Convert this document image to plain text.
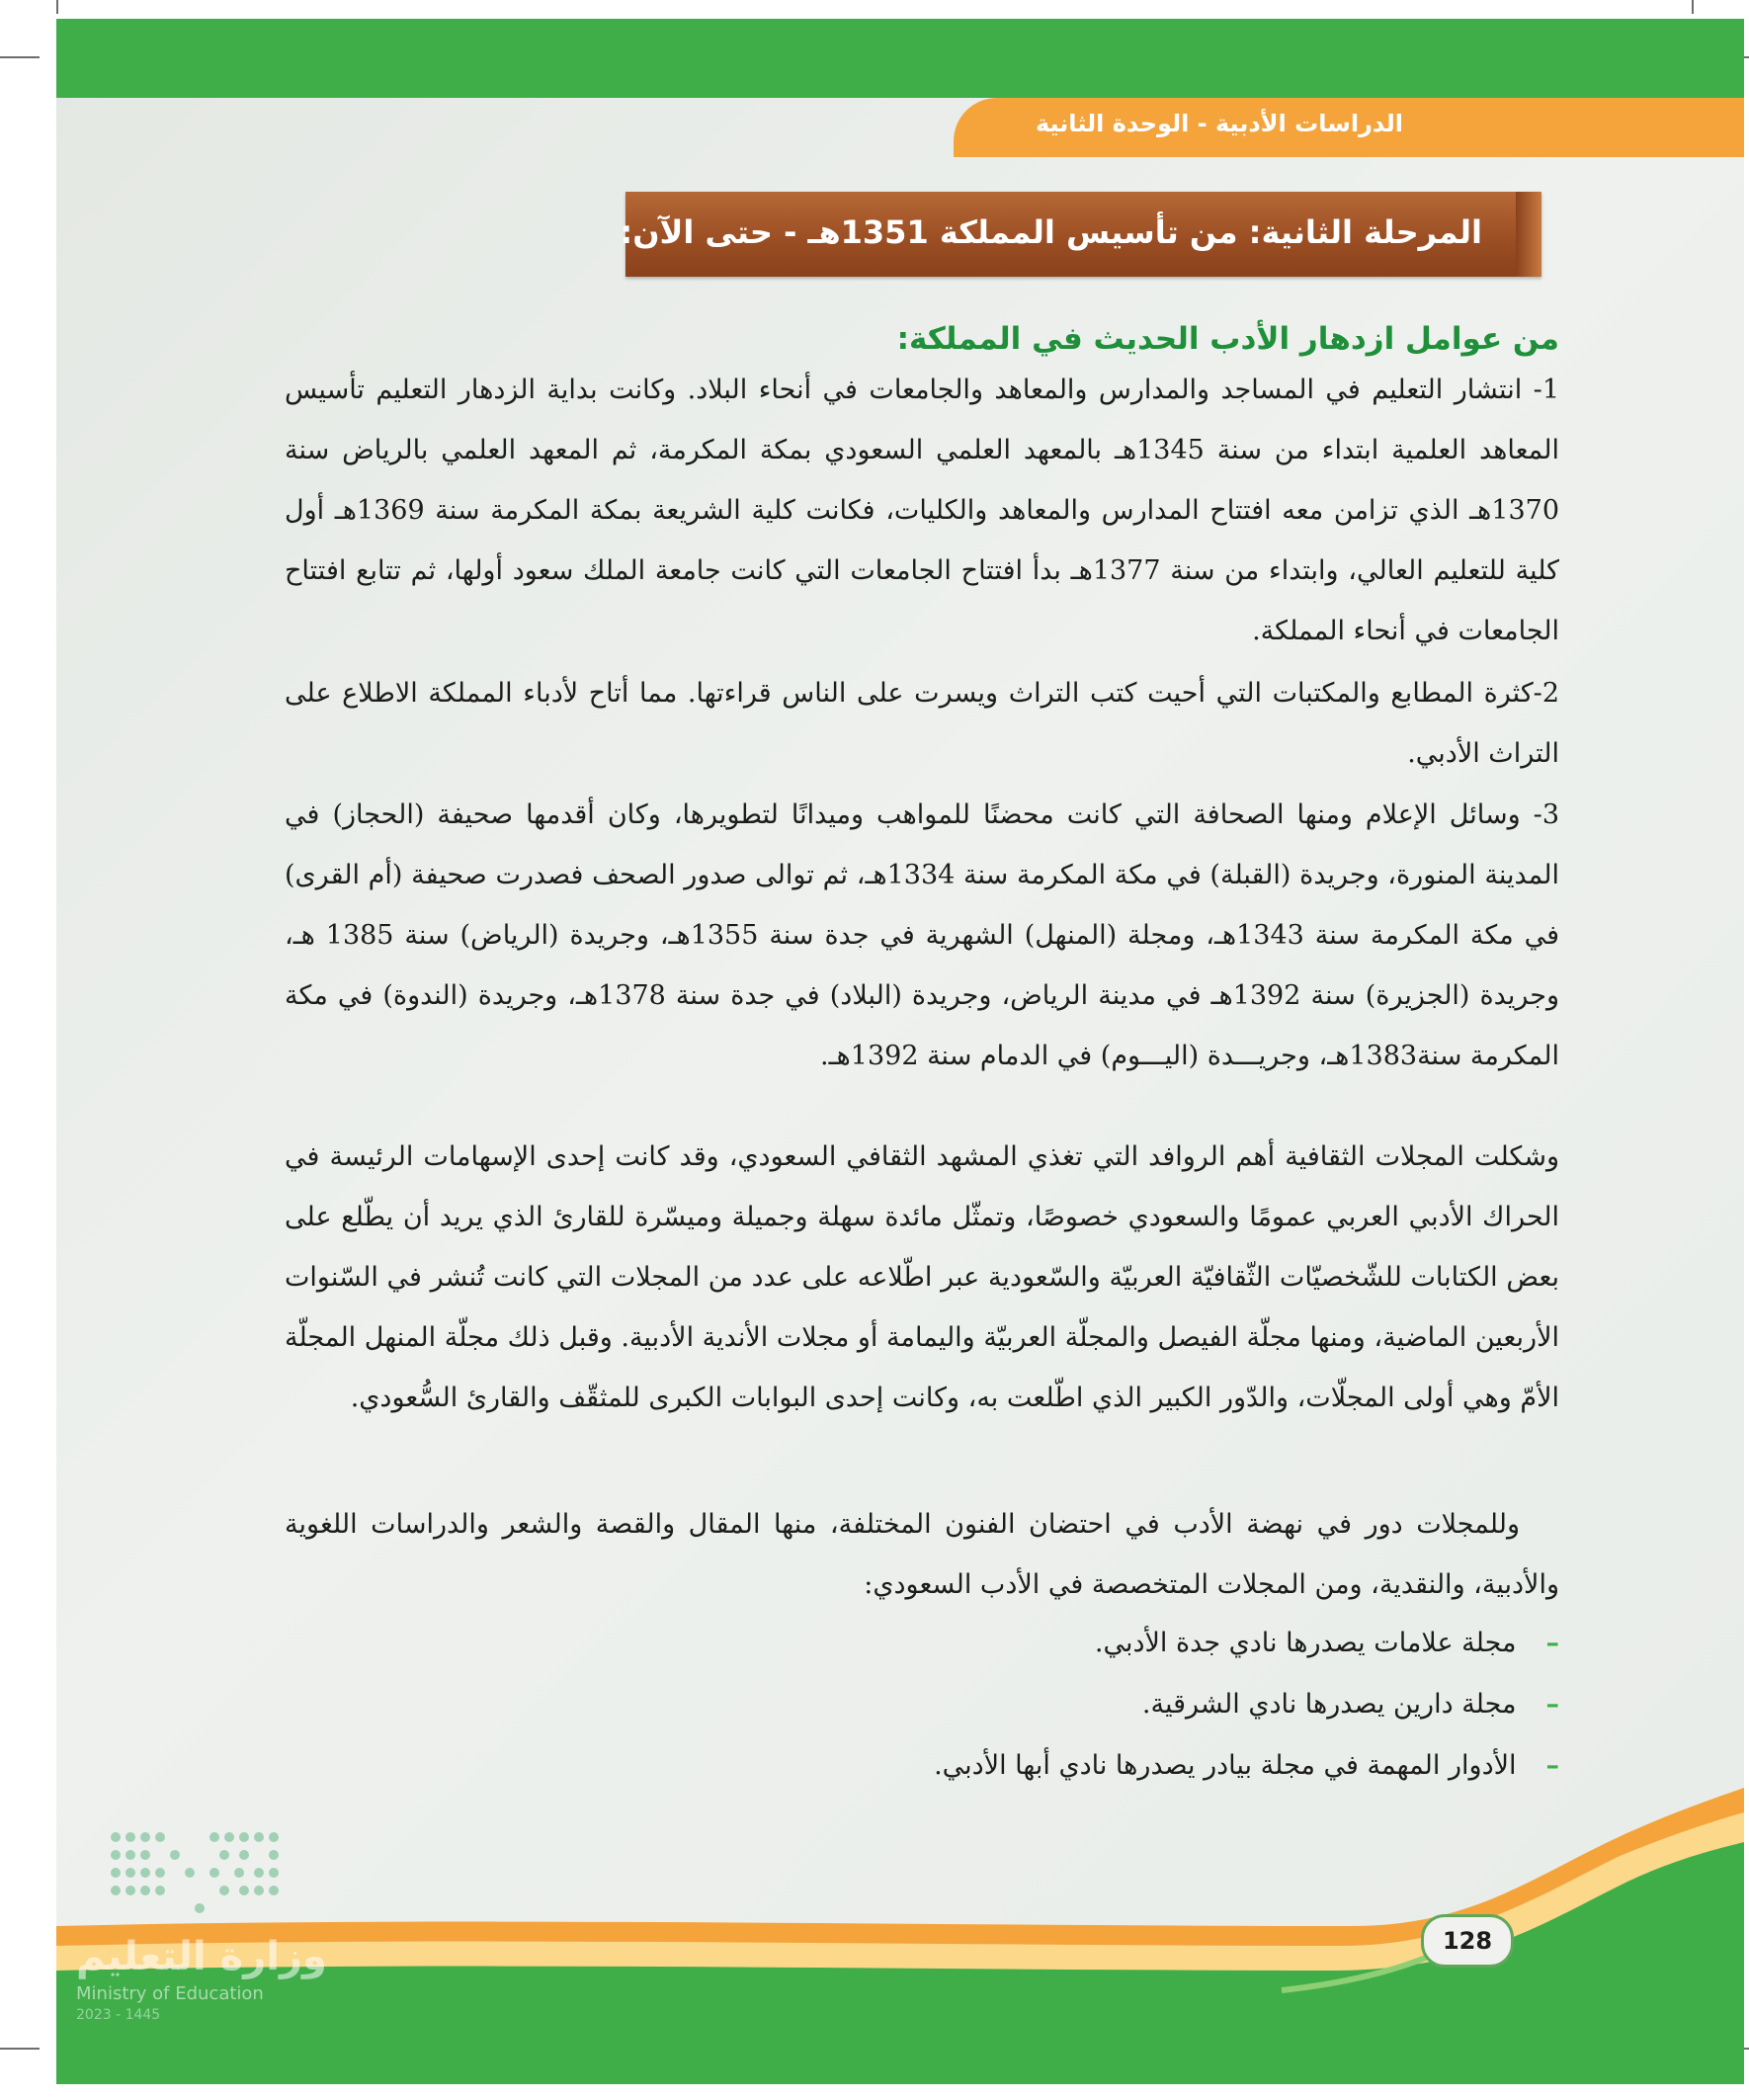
الدراسات الأدبية - الوحدة الثانية
المرحلة الثانية: من تأسيس المملكة 1351هـ - حتى الآن:
من عوامل ازدهار الأدب الحديث في المملكة:

1- انتشار التعليم في المساجد والمدارس والمعاهد والجامعات في أنحاء البلاد. وكانت بداية الزدهار التعليم تأسيس المعاهد العلمية ابتداء من سنة 1345هـ بالمعهد العلمي السعودي بمكة المكرمة، ثم المعهد العلمي بالرياض سنة 1370هـ الذي تزامن معه افتتاح المدارس والمعاهد والكليات، فكانت كلية الشريعة بمكة المكرمة سنة 1369هـ أول كلية للتعليم العالي، وابتداء من سنة 1377هـ بدأ افتتاح الجامعات التي كانت جامعة الملك سعود أولها، ثم تتابع افتتاح الجامعات في أنحاء المملكة.

2-كثرة المطابع والمكتبات التي أحيت كتب التراث ويسرت على الناس قراءتها. مما أتاح لأدباء المملكة الاطلاع على التراث الأدبي.

3- وسائل الإعلام ومنها الصحافة التي كانت محضنًا للمواهب وميدانًا لتطويرها، وكان أقدمها صحيفة (الحجاز) في المدينة المنورة، وجريدة (القبلة) في مكة المكرمة سنة 1334هـ، ثم توالى صدور الصحف فصدرت صحيفة (أم القرى) في مكة المكرمة سنة 1343هـ، ومجلة (المنهل) الشهرية في جدة سنة 1355هـ، وجريدة (الرياض) سنة 1385 هـ، وجريدة (الجزيرة) سنة 1392هـ في مدينة الرياض، وجريدة (البلاد) في جدة سنة 1378هـ، وجريدة (الندوة) في مكة المكرمة سنة1383هـ، وجريـــدة (اليـــوم) في الدمام سنة 1392هـ.

وشكلت المجلات الثقافية أهم الروافد التي تغذي المشهد الثقافي السعودي، وقد كانت إحدى الإسهامات الرئيسة في الحراك الأدبي العربي عمومًا والسعودي خصوصًا، وتمثّل مائدة سهلة وجميلة وميسّرة للقارئ الذي يريد أن يطّلع على بعض الكتابات للشّخصيّات الثّقافيّة العربيّة والسّعودية عبر اطّلاعه على عدد من المجلات التي كانت تُنشر في السّنوات الأربعين الماضية، ومنها مجلّة الفيصل والمجلّة العربيّة واليمامة أو مجلات الأندية الأدبية. وقبل ذلك مجلّة المنهل المجلّة الأمّ وهي أولى المجلّات، والدّور الكبير الذي اطّلعت به، وكانت إحدى البوابات الكبرى للمثقّف والقارئ السُّعودي.

وللمجلات دور في نهضة الأدب في احتضان الفنون المختلفة، منها المقال والقصة والشعر والدراسات اللغوية والأدبية، والنقدية، ومن المجلات المتخصصة في الأدب السعودي:

–مجلة علامات يصدرها نادي جدة الأدبي.
–مجلة دارين يصدرها نادي الشرقية.
–الأدوار المهمة في مجلة بيادر يصدرها نادي أبها الأدبي.
وزارة التعليم
Ministry of Education
2023 - 1445
128
